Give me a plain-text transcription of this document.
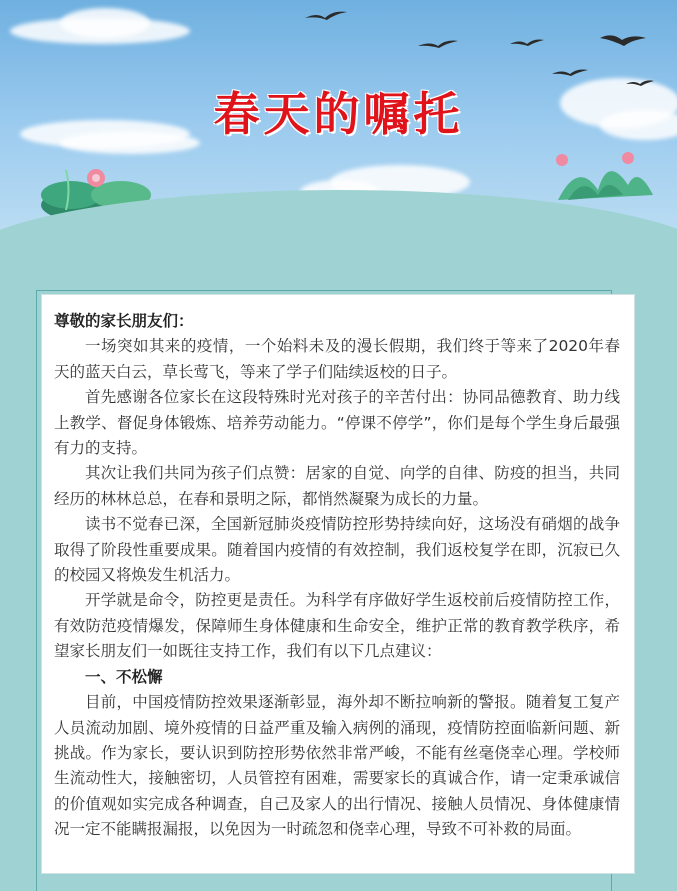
春天的嘱托

尊敬的家长朋友们：

一场突如其来的疫情，一个始料未及的漫长假期，我们终于等来了2020年春天的蓝天白云，草长莺飞，等来了学子们陆续返校的日子。

首先感谢各位家长在这段特殊时光对孩子的辛苦付出：协同品德教育、助力线上教学、督促身体锻炼、培养劳动能力。“停课不停学”，你们是每个学生身后最强有力的支持。

其次让我们共同为孩子们点赞：居家的自觉、向学的自律、防疫的担当，共同经历的林林总总，在春和景明之际，都悄然凝聚为成长的力量。

读书不觉春已深，全国新冠肺炎疫情防控形势持续向好，这场没有硝烟的战争取得了阶段性重要成果。随着国内疫情的有效控制，我们返校复学在即，沉寂已久的校园又将焕发生机活力。

开学就是命令，防控更是责任。为科学有序做好学生返校前后疫情防控工作，有效防范疫情爆发，保障师生身体健康和生命安全，维护正常的教育教学秩序，希望家长朋友们一如既往支持工作，我们有以下几点建议：

一、不松懈

目前，中国疫情防控效果逐渐彰显，海外却不断拉响新的警报。随着复工复产人员流动加剧、境外疫情的日益严重及输入病例的涌现，疫情防控面临新问题、新挑战。作为家长，要认识到防控形势依然非常严峻，不能有丝毫侥幸心理。学校师生流动性大，接触密切，人员管控有困难，需要家长的真诚合作，请一定秉承诚信的价值观如实完成各种调查，自己及家人的出行情况、接触人员情况、身体健康情况一定不能瞒报漏报，以免因为一时疏忽和侥幸心理，导致不可补救的局面。
